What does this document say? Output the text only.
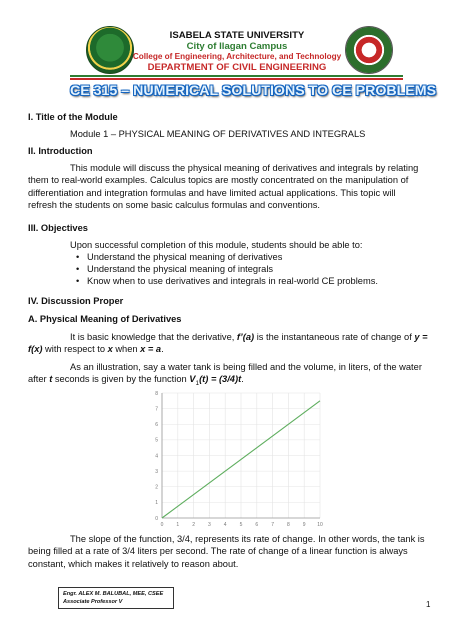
ISABELA STATE UNIVERSITY
City of Ilagan Campus
College of Engineering, Architecture, and Technology
DEPARTMENT OF CIVIL ENGINEERING
CE 315 – NUMERICAL SOLUTIONS TO CE PROBLEMS
I. Title of the Module
Module 1 – PHYSICAL MEANING OF DERIVATIVES AND INTEGRALS
II. Introduction
This module will discuss the physical meaning of derivatives and integrals by relating
them to real-world examples. Calculus topics are mostly concentrated on the manipulation of
differentiation and integration formulas and have limited actual applications. This topic will
refresh the students on some basic calculus formulas and conventions.
III. Objectives
Upon successful completion of this module, students should be able to:
• Understand the physical meaning of derivatives
• Understand the physical meaning of integrals
• Know when to use derivatives and integrals in real-world CE problems.
IV. Discussion Proper
A. Physical Meaning of Derivatives
It is basic knowledge that the derivative, f’(a) is the instantaneous rate of change of y =
f(x) with respect to x when x = a.
As an illustration, say a water tank is being filled and the volume, in liters, of the water
after t seconds is given by the function $V_1(t) = (3/4)t$.
0	1	2	3	4	5	6	7	8	9 10
0
1
2
3
4
5
6
7
8
The slope of the function, 3/4, represents its rate of change. In other words, the tank is
being filled at a rate of 3/4 liters per second. The rate of change of a linear function is always
constant, which makes it relatively to reason about.
Engr. ALEX M. BALUBAL, MEE, CSEE
Associate Professor V	1
